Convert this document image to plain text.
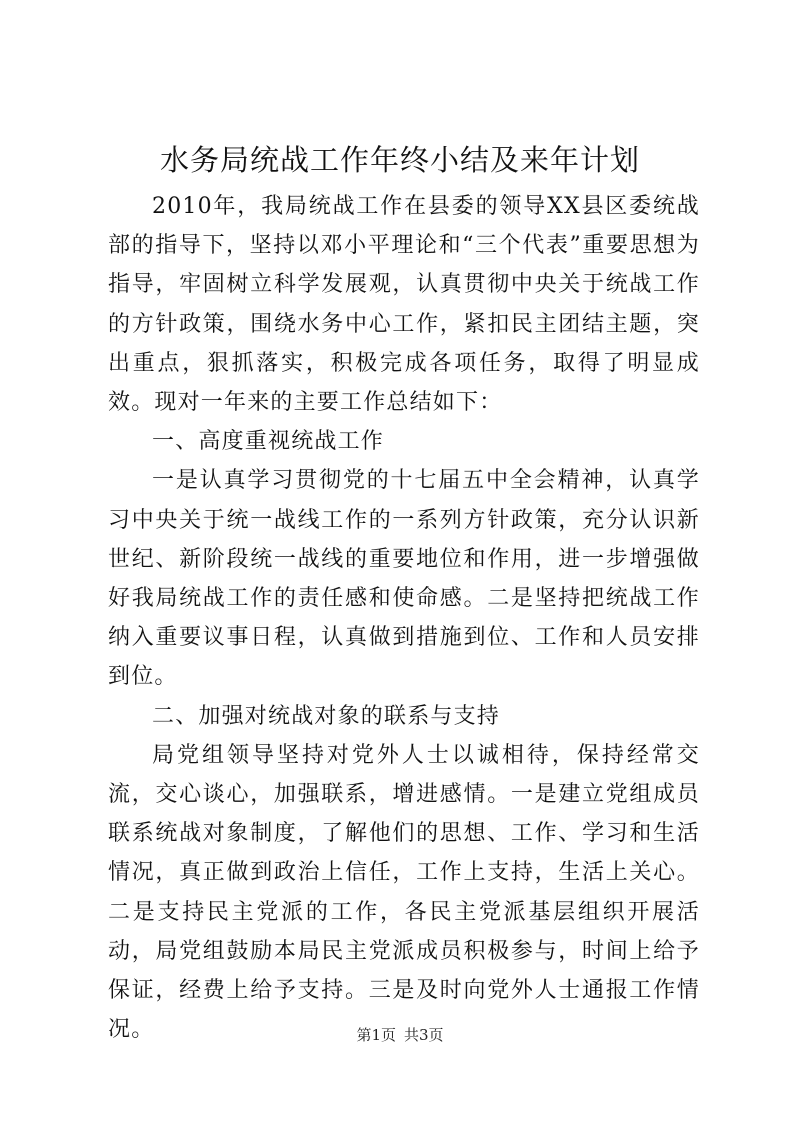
水务局统战工作年终小结及来年计划

2010年，我局统战工作在县委的领导XX县区委统战部的指导下，坚持以邓小平理论和“三个代表”重要思想为指导，牢固树立科学发展观，认真贯彻中央关于统战工作的方针政策，围绕水务中心工作，紧扣民主团结主题，突出重点，狠抓落实，积极完成各项任务，取得了明显成效。现对一年来的主要工作总结如下：

一、高度重视统战工作

一是认真学习贯彻党的十七届五中全会精神，认真学习中央关于统一战线工作的一系列方针政策，充分认识新世纪、新阶段统一战线的重要地位和作用，进一步增强做好我局统战工作的责任感和使命感。二是坚持把统战工作纳入重要议事日程，认真做到措施到位、工作和人员安排到位。

二、加强对统战对象的联系与支持

局党组领导坚持对党外人士以诚相待，保持经常交流，交心谈心，加强联系，增进感情。一是建立党组成员联系统战对象制度，了解他们的思想、工作、学习和生活情况，真正做到政治上信任，工作上支持，生活上关心。二是支持民主党派的工作，各民主党派基层组织开展活动，局党组鼓励本局民主党派成员积极参与，时间上给予保证，经费上给予支持。三是及时向党外人士通报工作情况。	第1页 共3页
